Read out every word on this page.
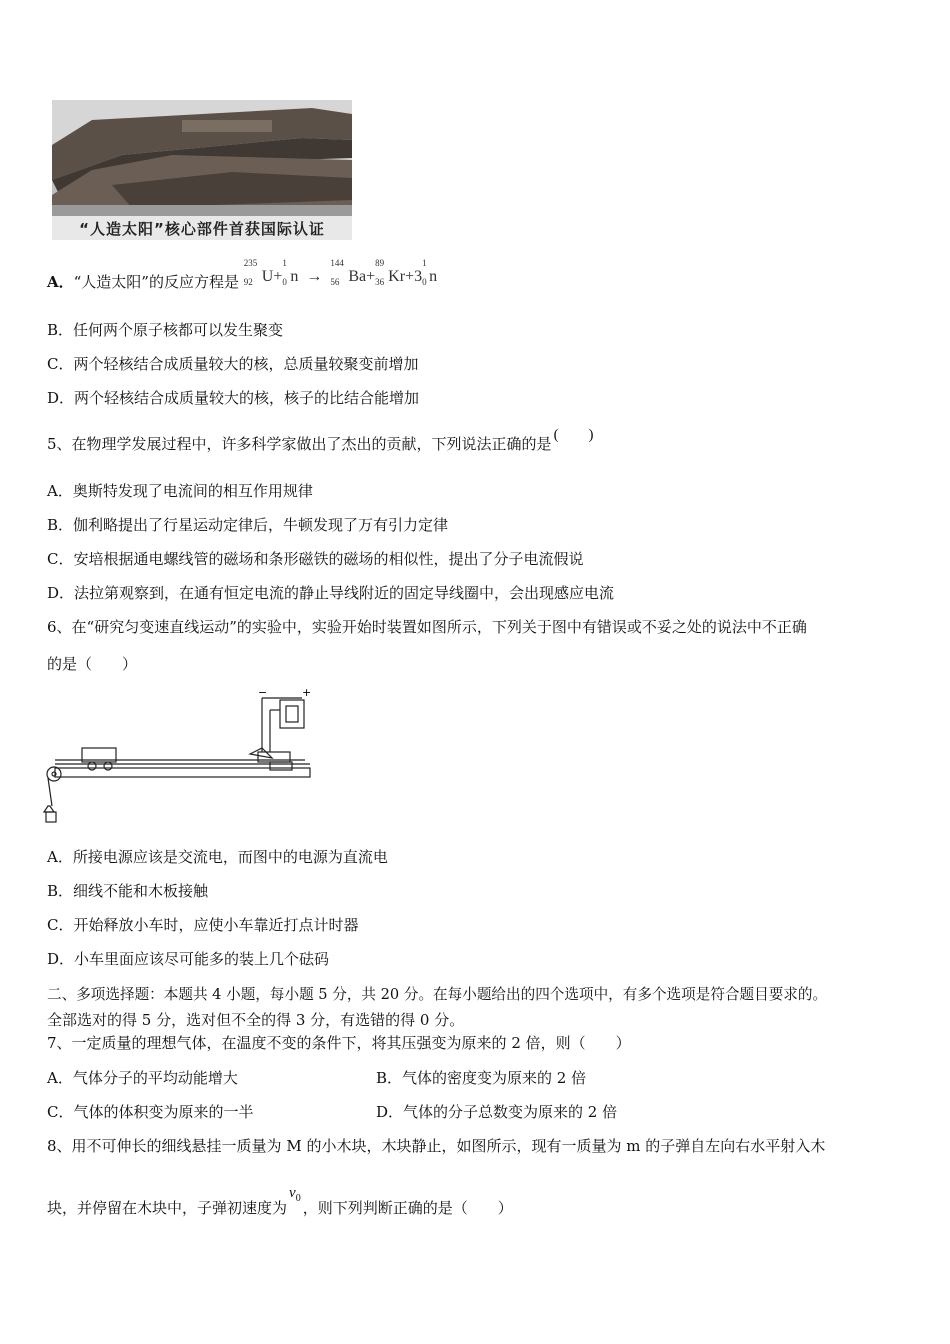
“人造太阳”核心部件首获国际认证
A．“人造太阳”的反应方程是
235
92 U+
1
0 n →
144
56 Ba+
89
36 Kr+3
1
0 n
B．任何两个原子核都可以发生聚变
C．两个轻核结合成质量较大的核，总质量较聚变前增加
D．两个轻核结合成质量较大的核，核子的比结合能增加
5、在物理学发展过程中，许多科学家做出了杰出的贡献，下列说法正确的是 (　　)
A．奥斯特发现了电流间的相互作用规律
B．伽利略提出了行星运动定律后，牛顿发现了万有引力定律
C．安培根据通电螺线管的磁场和条形磁铁的磁场的相似性，提出了分子电流假说
D．法拉第观察到，在通有恒定电流的静止导线附近的固定导线圈中，会出现感应电流
6、在“研究匀变速直线运动”的实验中，实验开始时装置如图所示，下列关于图中有错误或不妥之处的说法中不正确
的是（　　）
−	+
A．所接电源应该是交流电，而图中的电源为直流电
B．细线不能和木板接触
C．开始释放小车时，应使小车靠近打点计时器
D．小车里面应该尽可能多的装上几个砝码
二、多项选择题：本题共 4 小题，每小题 5 分，共 20 分。在每小题给出的四个选项中，有多个选项是符合题目要求的。
全部选对的得 5 分，选对但不全的得 3 分，有选错的得 0 分。
7、一定质量的理想气体，在温度不变的条件下，将其压强变为原来的 2 倍，则（　　）
A．气体分子的平均动能增大	B．气体的密度变为原来的 2 倍
C．气体的体积变为原来的一半	D．气体的分子总数变为原来的 2 倍
8、用不可伸长的细线悬挂一质量为 M 的小木块，木块静止，如图所示，现有一质量为 m 的子弹自左向右水平射入木
块，并停留在木块中，子弹初速度为$v_0$，则下列判断正确的是（　　）
